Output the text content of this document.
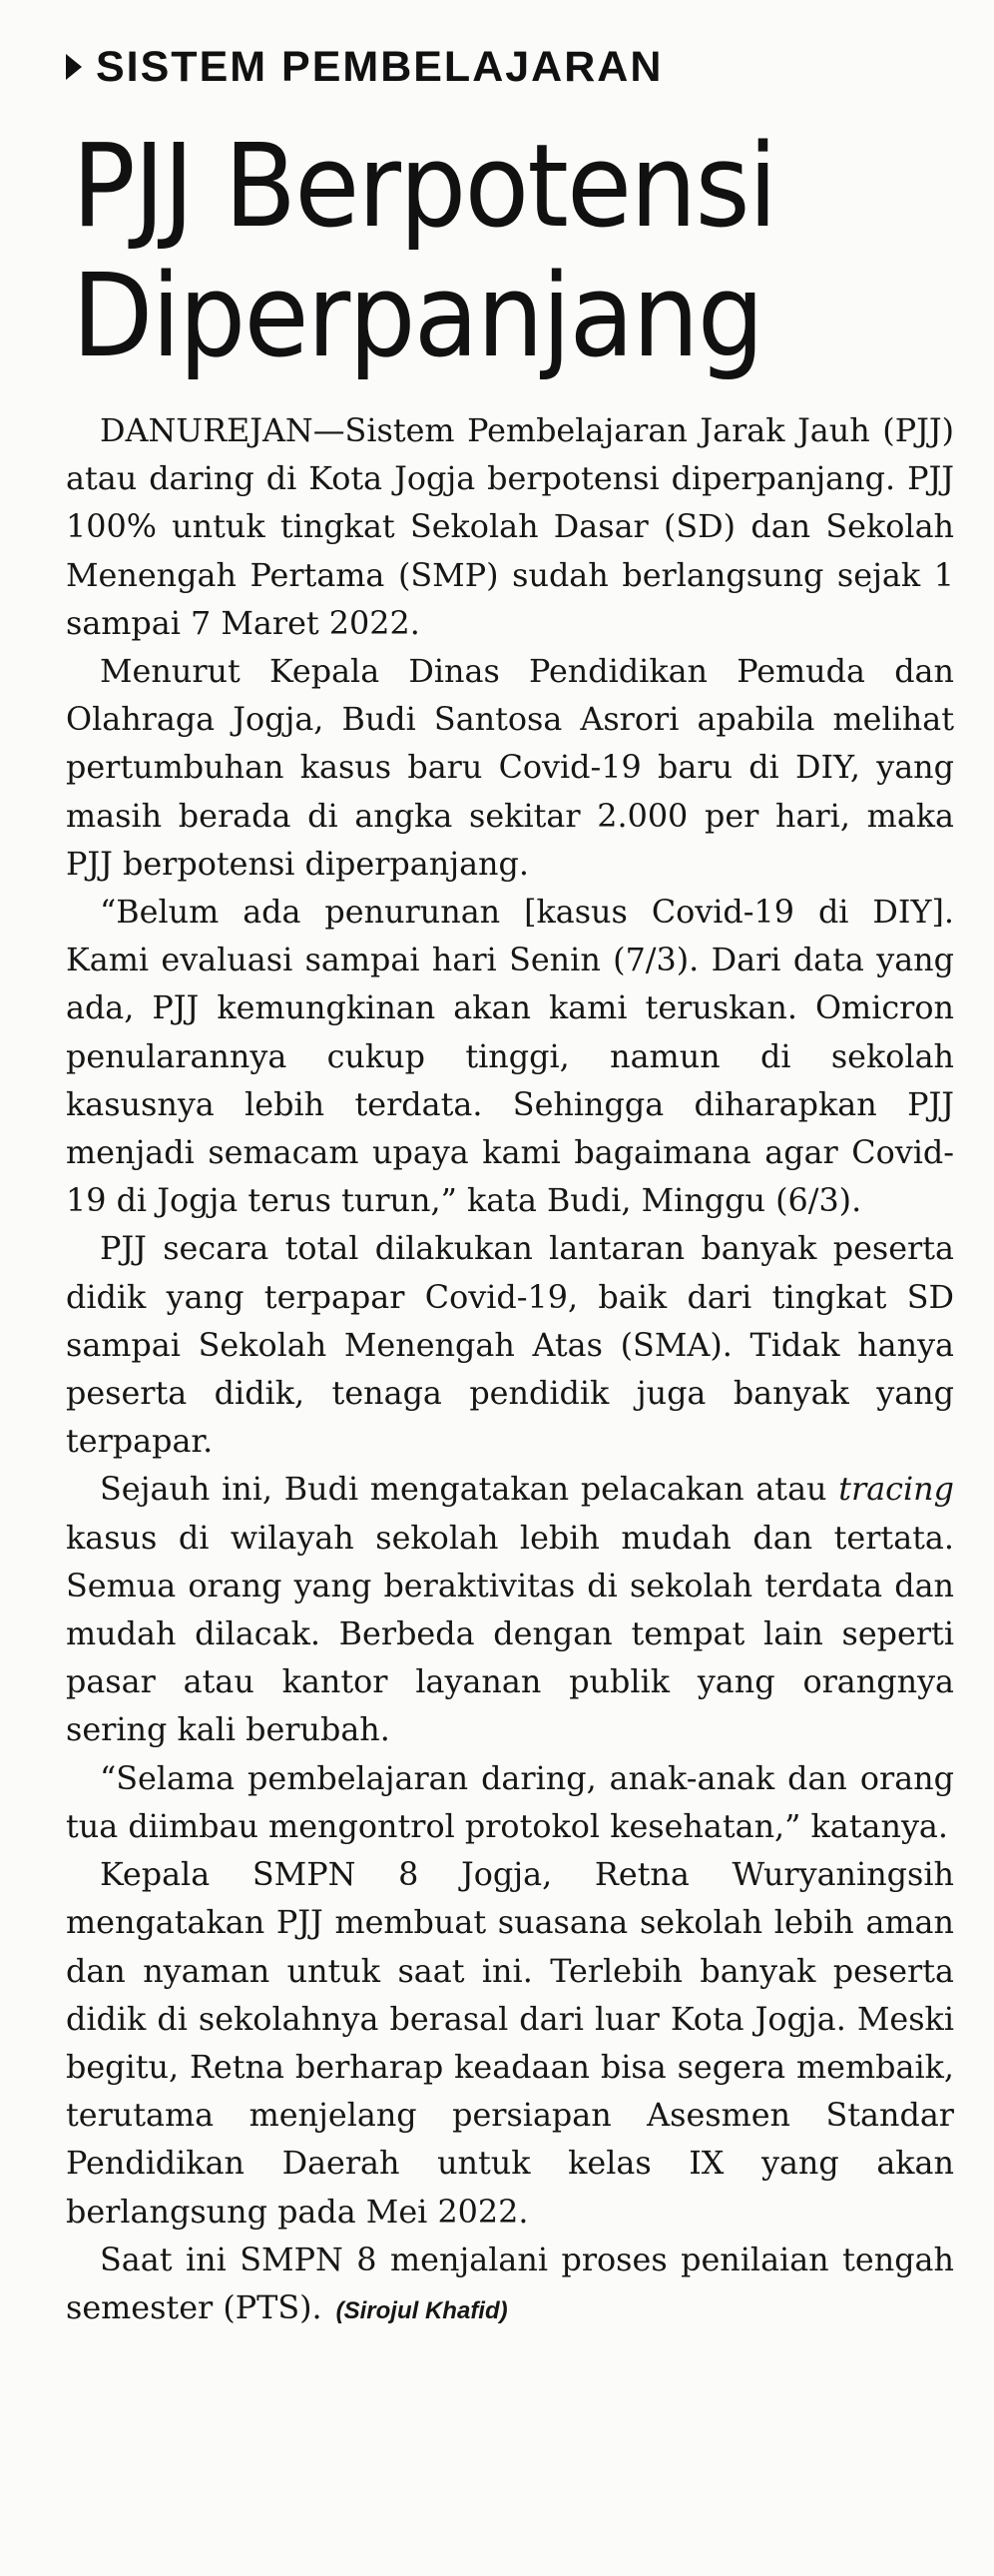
SISTEM PEMBELAJARAN
PJJ Berpotensi
Diperpanjang

DANUREJAN—Sistem Pembelajaran Jarak Jauh (PJJ) atau daring di Kota Jogja berpotensi diperpanjang. PJJ 100% untuk tingkat Sekolah Dasar (SD) dan Sekolah Menengah Pertama (SMP) sudah berlangsung sejak 1 sampai 7 Maret 2022.

Menurut Kepala Dinas Pendidikan Pemuda dan Olahraga Jogja, Budi Santosa Asrori apabila melihat pertumbuhan kasus baru Covid-19 baru di DIY, yang masih berada di angka sekitar 2.000 per hari, maka PJJ berpotensi diperpanjang.

“Belum ada penurunan [kasus Covid-19 di DIY]. Kami evaluasi sampai hari Senin (7/3). Dari data yang ada, PJJ kemungkinan akan kami teruskan. Omicron penularannya cukup tinggi, namun di sekolah kasusnya lebih terdata. Sehingga diharapkan PJJ menjadi semacam upaya kami bagaimana agar Covid-19 di Jogja terus turun,” kata Budi, Minggu (6/3).

PJJ secara total dilakukan lantaran banyak peserta didik yang terpapar Covid-19, baik dari tingkat SD sampai Sekolah Menengah Atas (SMA). Tidak hanya peserta didik, tenaga pendidik juga banyak yang terpapar.

Sejauh ini, Budi mengatakan pelacakan atau tracing kasus di wilayah sekolah lebih mudah dan tertata. Semua orang yang beraktivitas di sekolah terdata dan mudah dilacak. Berbeda dengan tempat lain seperti pasar atau kantor layanan publik yang orangnya sering kali berubah.

“Selama pembelajaran daring, anak-anak dan orang tua diimbau mengontrol protokol kesehatan,” katanya.

Kepala SMPN 8 Jogja, Retna Wuryaningsih mengatakan PJJ membuat suasana sekolah lebih aman dan nyaman untuk saat ini. Terlebih banyak peserta didik di sekolahnya berasal dari luar Kota Jogja. Meski begitu, Retna berharap keadaan bisa segera membaik, terutama menjelang persiapan Asesmen Standar Pendidikan Daerah untuk kelas IX yang akan berlangsung pada Mei 2022.

Saat ini SMPN 8 menjalani proses penilaian tengah semester (PTS). (Sirojul Khafid)
